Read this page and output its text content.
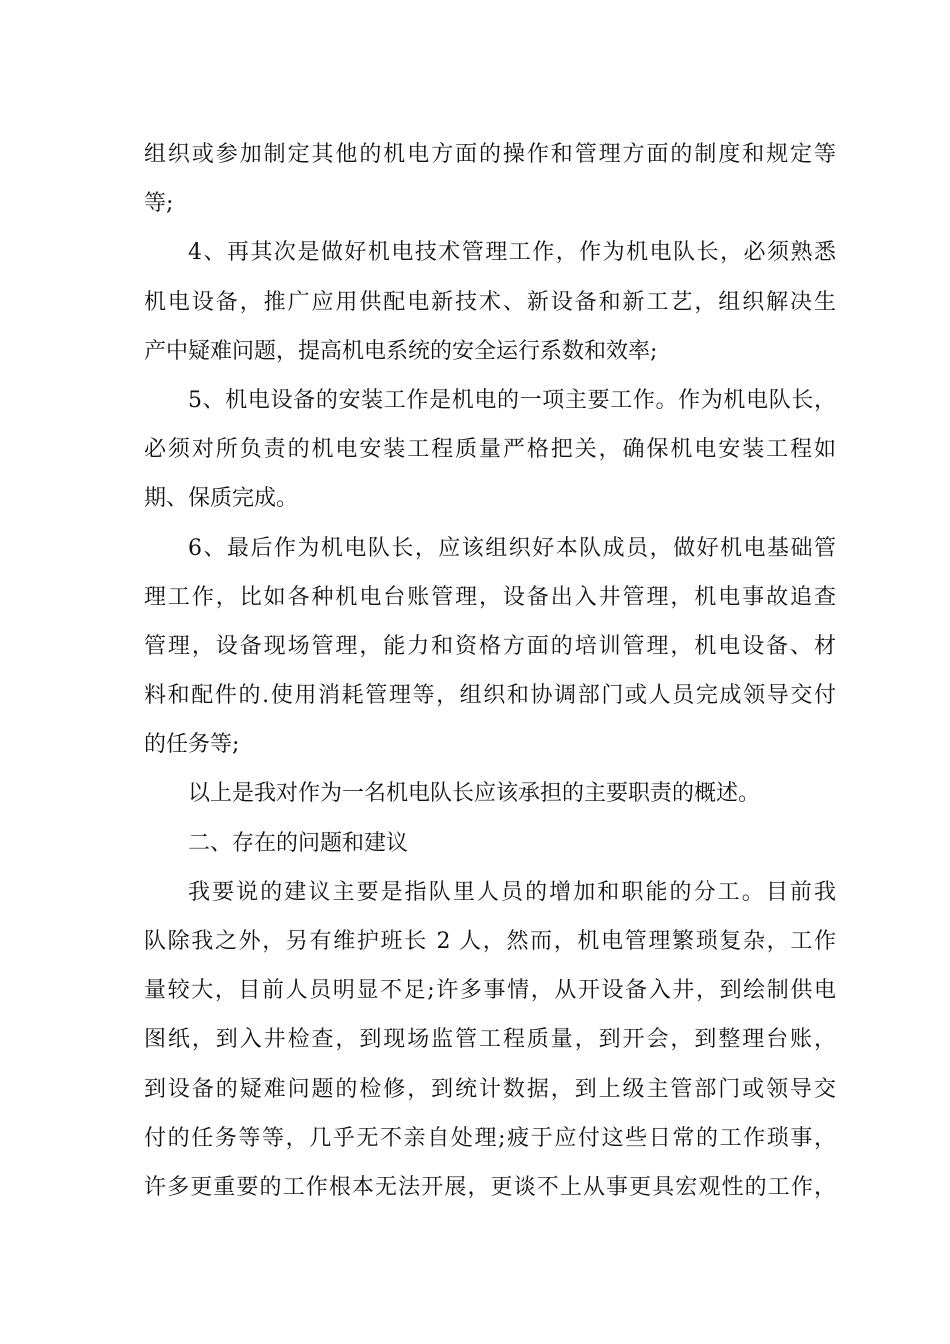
组织或参加制定其他的机电方面的操作和管理方面的制度和规定等
等;
4、再其次是做好机电技术管理工作，作为机电队长，必须熟悉
机电设备，推广应用供配电新技术、新设备和新工艺，组织解决生
产中疑难问题，提高机电系统的安全运行系数和效率;
5、机电设备的安装工作是机电的一项主要工作。作为机电队长，
必须对所负责的机电安装工程质量严格把关，确保机电安装工程如
期、保质完成。
6、最后作为机电队长，应该组织好本队成员，做好机电基础管
理工作，比如各种机电台账管理，设备出入井管理，机电事故追查
管理，设备现场管理，能力和资格方面的培训管理，机电设备、材
料和配件的.使用消耗管理等，组织和协调部门或人员完成领导交付
的任务等;
以上是我对作为一名机电队长应该承担的主要职责的概述。
二、存在的问题和建议
我要说的建议主要是指队里人员的增加和职能的分工。目前我
队除我之外，另有维护班长 2 人，然而，机电管理繁琐复杂，工作
量较大，目前人员明显不足;许多事情，从开设备入井，到绘制供电
图纸，到入井检查，到现场监管工程质量，到开会，到整理台账，
到设备的疑难问题的检修，到统计数据，到上级主管部门或领导交
付的任务等等，几乎无不亲自处理;疲于应付这些日常的工作琐事，
许多更重要的工作根本无法开展，更谈不上从事更具宏观性的工作，
